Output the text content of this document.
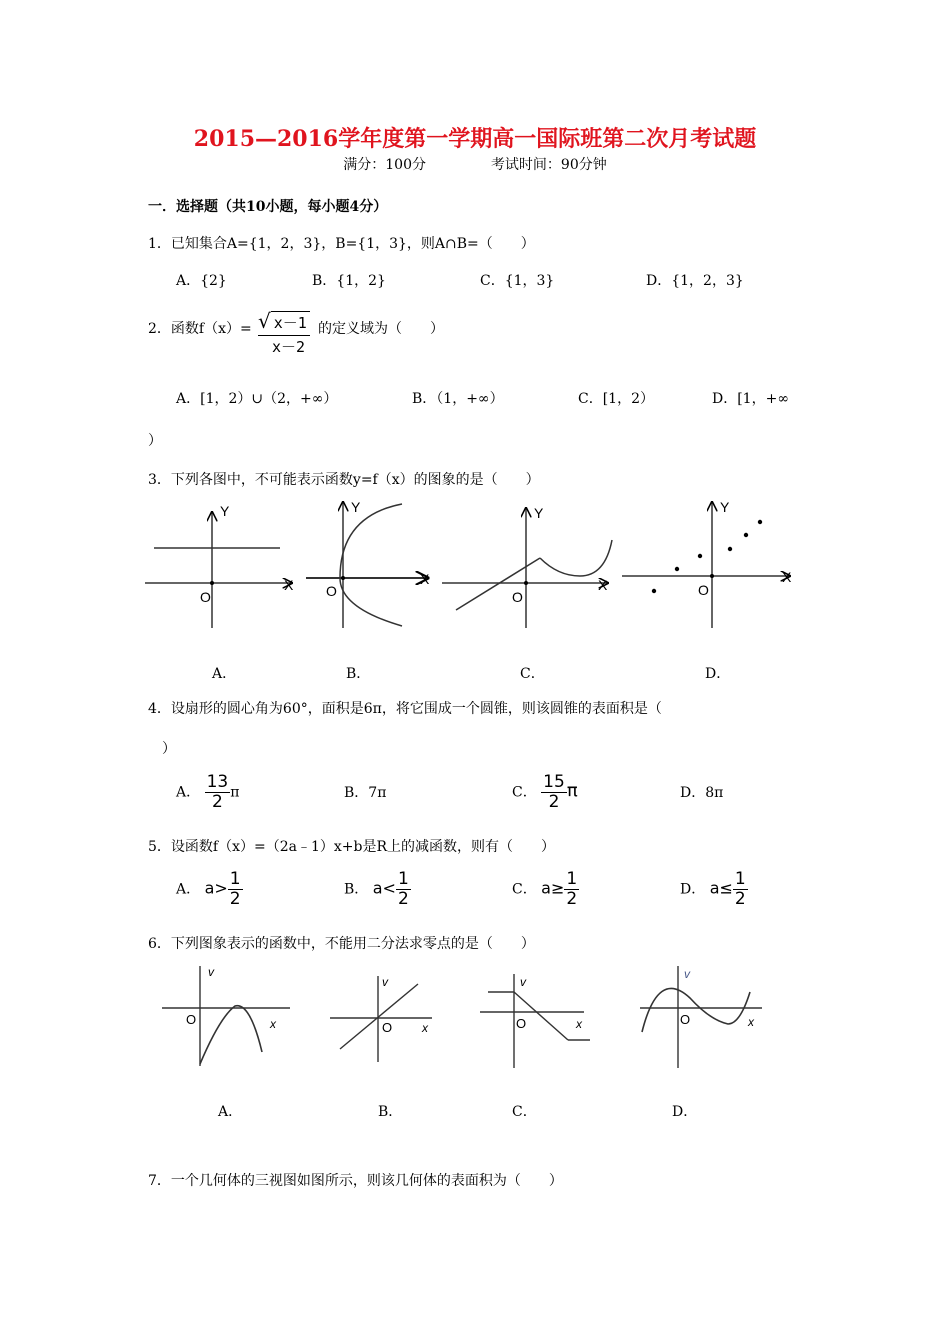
2015—2016学年度第一学期高一国际班第二次月考试题
满分：100分	考试时间：90分钟
一．选择题（共10小题，每小题4分）
1．已知集合A={1，2，3}，B={1，3}，则A∩B=（　　）
A．{2}	B．{1，2}	C．{1，3}	D．{1，2，3}
2．函数f（x）= √ x－1
x－2
的定义域为（　　）
A．[1，2）∪（2，+∞）	B．（1，+∞）	C．[1，2）	D．[1，+∞
）
3．下列各图中，不可能表示函数y=f（x）的图象的是（　　）
Y
X
O
Y
X
O
Y
X
O
Y
X
O
A．	B．	C．	D．
4．设扇形的圆心角为60°，面积是6π，将它围成一个圆锥，则该圆锥的表面积是（
）
A． $\frac{13}{2}$ π	B．7π	C． $\frac{15}{2}$ π	D．8π
5．设函数f（x）=（2a﹣1）x+b是R上的减函数，则有（　　）
A． $a> \frac{1}{2}$	B． $a< \frac{1}{2}$	C． $a\ge \frac{1}{2}$	D． $a\le \frac{1}{2}$
6．下列图象表示的函数中，不能用二分法求零点的是（　　）
v
x
O
v
x
O
v
x
O
v
x
O
A．	B．	C．	D．
7．一个几何体的三视图如图所示，则该几何体的表面积为（　　）
